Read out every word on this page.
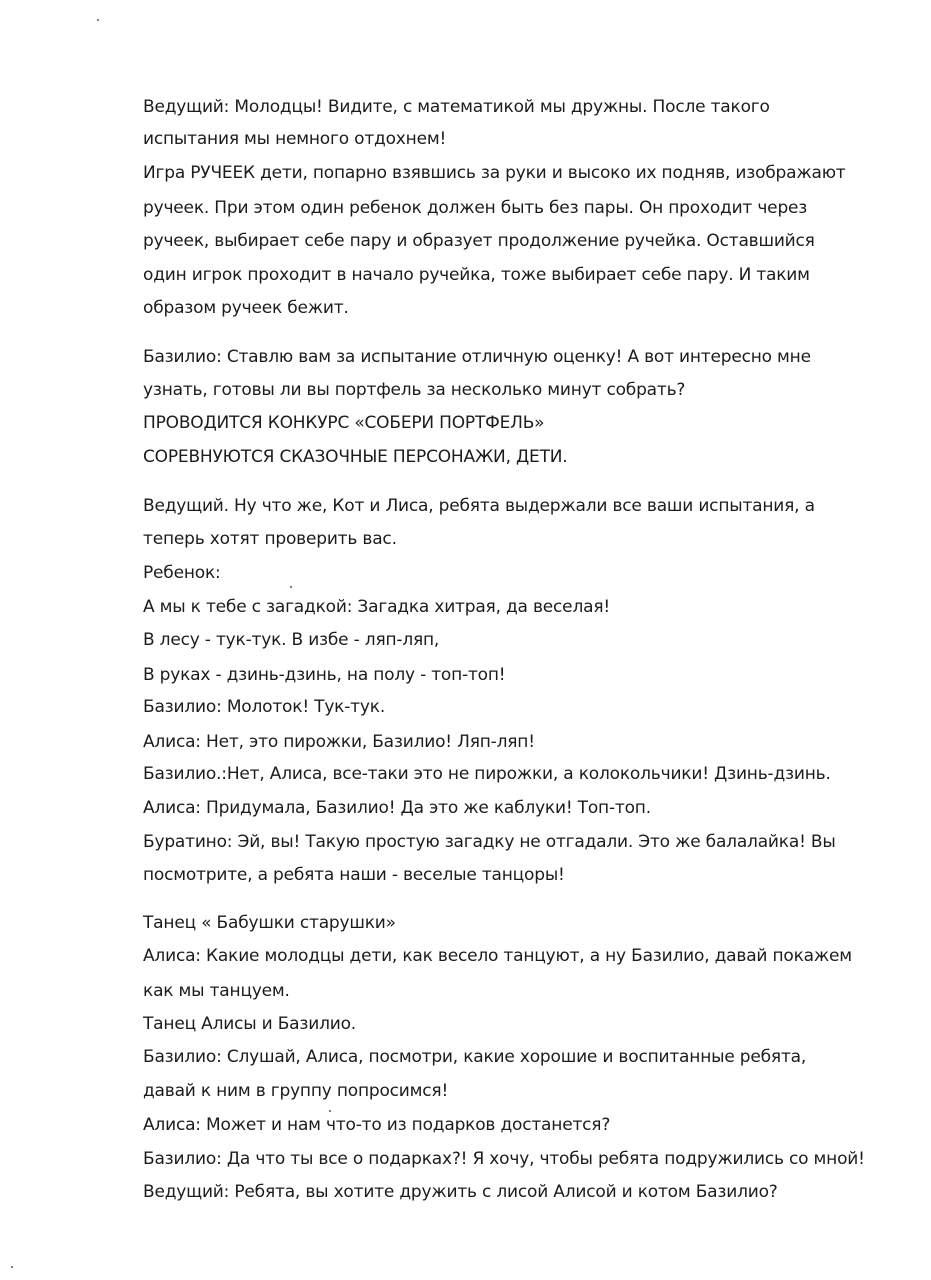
Ведущий: Молодцы! Видите, с математикой мы дружны. После такого
испытания мы немного отдохнем!
Игра РУЧЕЕК дети, попарно взявшись за руки и высоко их подняв, изображают
ручеек. При этом один ребенок должен быть без пары. Он проходит через
ручеек, выбирает себе пару и образует продолжение ручейка. Оставшийся
один игрок проходит в начало ручейка, тоже выбирает себе пару. И таким
образом ручеек бежит.
Базилио: Ставлю вам за испытание отличную оценку! А вот интересно мне
узнать, готовы ли вы портфель за несколько минут собрать?
ПРОВОДИТСЯ КОНКУРС «СОБЕРИ ПОРТФЕЛЬ»
СОРЕВНУЮТСЯ СКАЗОЧНЫЕ ПЕРСОНАЖИ, ДЕТИ.
Ведущий. Ну что же, Кот и Лиса, ребята выдержали все ваши испытания, а
теперь хотят проверить вас.
Ребенок:
А мы к тебе с загадкой: Загадка хитрая, да веселая!
В лесу - тук-тук. В избе - ляп-ляп,
В руках - дзинь-дзинь, на полу - топ-топ!
Базилио: Молоток! Тук-тук.
Алиса: Нет, это пирожки, Базилио! Ляп-ляп!
Базилио.:Нет, Алиса, все-таки это не пирожки, а колокольчики! Дзинь-дзинь.
Алиса: Придумала, Базилио! Да это же каблуки! Топ-топ.
Буратино: Эй, вы! Такую простую загадку не отгадали. Это же балалайка! Вы
посмотрите, а ребята наши - веселые танцоры!
Танец « Бабушки старушки»
Алиса: Какие молодцы дети, как весело танцуют, а ну Базилио, давай покажем
как мы танцуем.
Танец Алисы и Базилио.
Базилио: Слушай, Алиса, посмотри, какие хорошие и воспитанные ребята,
давай к ним в группу попросимся!
Алиса: Может и нам что-то из подарков достанется?
Базилио: Да что ты все о подарках?! Я хочу, чтобы ребята подружились со мной!
Ведущий: Ребята, вы хотите дружить с лисой Алисой и котом Базилио?
